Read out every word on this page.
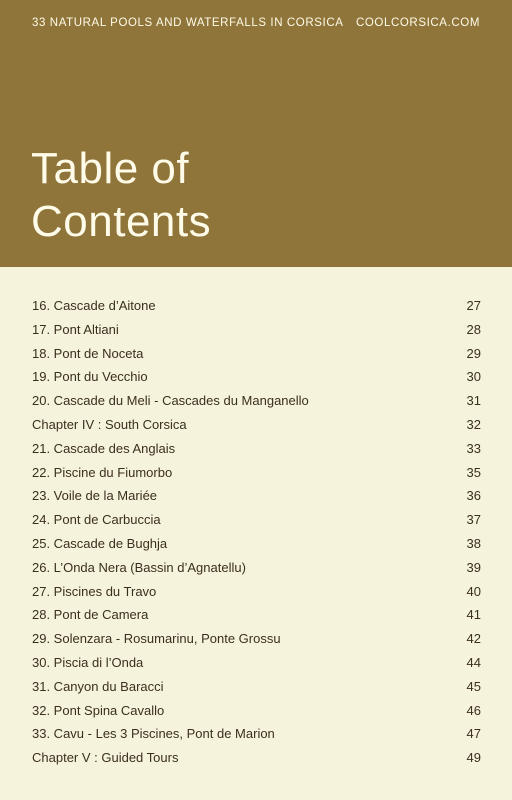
33 NATURAL POOLS AND WATERFALLS IN CORSICA COOLCORSICA.COM
Table of
Contents
16. Cascade d’Aitone	27
17. Pont Altiani	28
18. Pont de Noceta	29
19. Pont du Vecchio	30
20. Cascade du Meli - Cascades du Manganello	31
Chapter IV : South Corsica	32
21. Cascade des Anglais	33
22. Piscine du Fiumorbo	35
23. Voile de la Mariée	36
24. Pont de Carbuccia	37
25. Cascade de Bughja	38
26. L’Onda Nera (Bassin d’Agnatellu)	39
27. Piscines du Travo	40
28. Pont de Camera	41
29. Solenzara - Rosumarinu, Ponte Grossu	42
30. Piscia di l’Onda	44
31. Canyon du Baracci	45
32. Pont Spina Cavallo	46
33. Cavu - Les 3 Piscines, Pont de Marion	47
Chapter V : Guided Tours	49
